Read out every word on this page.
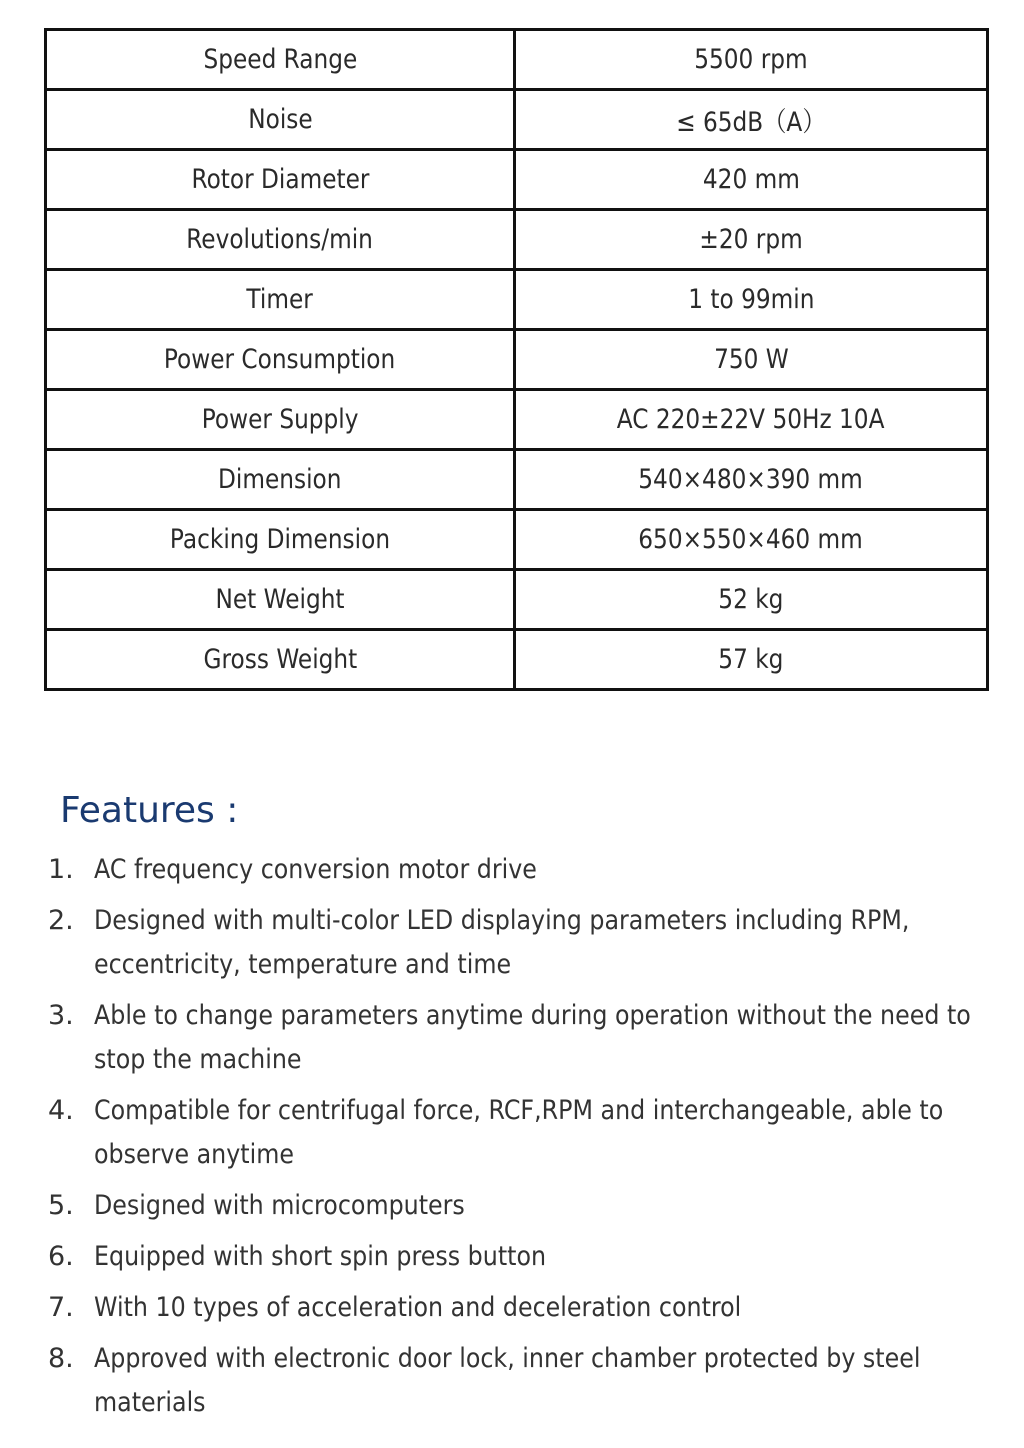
Speed Range	5500 rpm
Noise	≤ 65dB（A）
Rotor Diameter	420 mm
Revolutions/min	±20 rpm
Timer	1 to 99min
Power Consumption	750 W
Power Supply	AC 220±22V 50Hz 10A
Dimension	540×480×390 mm
Packing Dimension	650×550×460 mm
Net Weight	52 kg
Gross Weight	57 kg
Features :
1. AC frequency conversion motor drive
2. Designed with multi-color LED displaying parameters including RPM, eccentricity, temperature and time
3. Able to change parameters anytime during operation without the need to stop the machine
4. Compatible for centrifugal force, RCF,RPM and interchangeable, able to observe anytime
5. Designed with microcomputers
6. Equipped with short spin press button
7. With 10 types of acceleration and deceleration control
8. Approved with electronic door lock, inner chamber protected by steel materials
